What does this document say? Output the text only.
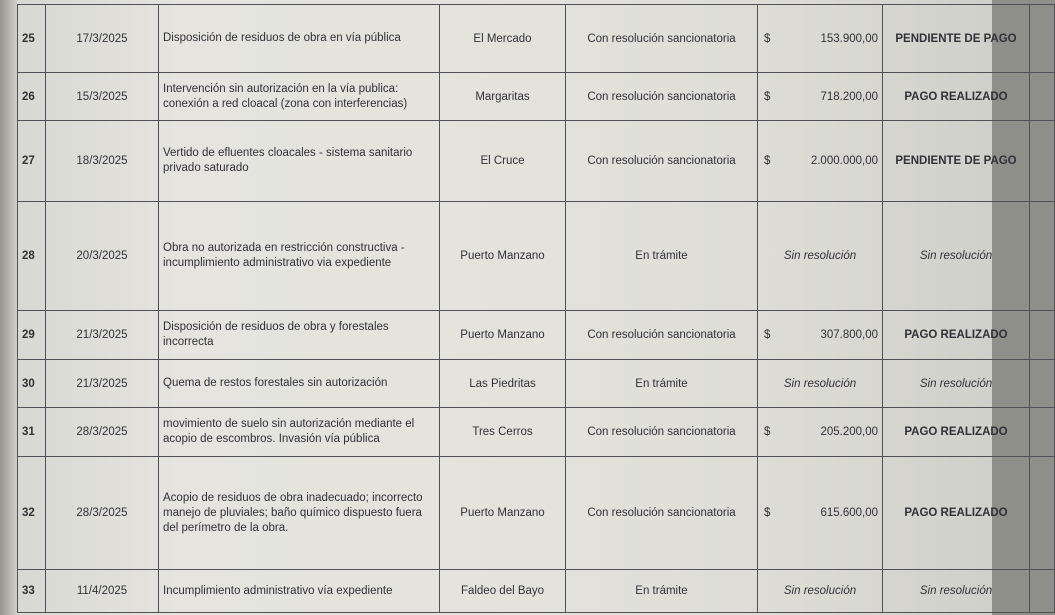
25	17/3/2025	Disposición de residuos de obra en vía pública	El Mercado	Con resolución sancionatoria	$ 153.900,00	PENDIENTE DE PAGO	
26	15/3/2025	Intervención sin autorización en la vía publica: conexión a red cloacal (zona con interferencias)	Margaritas	Con resolución sancionatoria	$ 718.200,00	PAGO REALIZADO	
27	18/3/2025	Vertido de efluentes cloacales - sistema sanitario privado saturado	El Cruce	Con resolución sancionatoria	$ 2.000.000,00	PENDIENTE DE PAGO	
28	20/3/2025	Obra no autorizada en restricción constructiva - incumplimiento administrativo via expediente	Puerto Manzano	En trámite	Sin resolución	Sin resolución	
29	21/3/2025	Disposición de residuos de obra y forestales incorrecta	Puerto Manzano	Con resolución sancionatoria	$ 307.800,00	PAGO REALIZADO	
30	21/3/2025	Quema de restos forestales sin autorización	Las Piedritas	En trámite	Sin resolución	Sin resolución	
31	28/3/2025	movimiento de suelo sin autorización mediante el acopio de escombros. Invasión vía pública	Tres Cerros	Con resolución sancionatoria	$ 205.200,00	PAGO REALIZADO	
32	28/3/2025	Acopio de residuos de obra inadecuado; incorrecto manejo de pluviales; baño químico dispuesto fuera del perímetro de la obra.	Puerto Manzano	Con resolución sancionatoria	$ 615.600,00	PAGO REALIZADO	
33	11/4/2025	Incumplimiento administrativo vía expediente	Faldeo del Bayo	En trámite	Sin resolución	Sin resolución	
